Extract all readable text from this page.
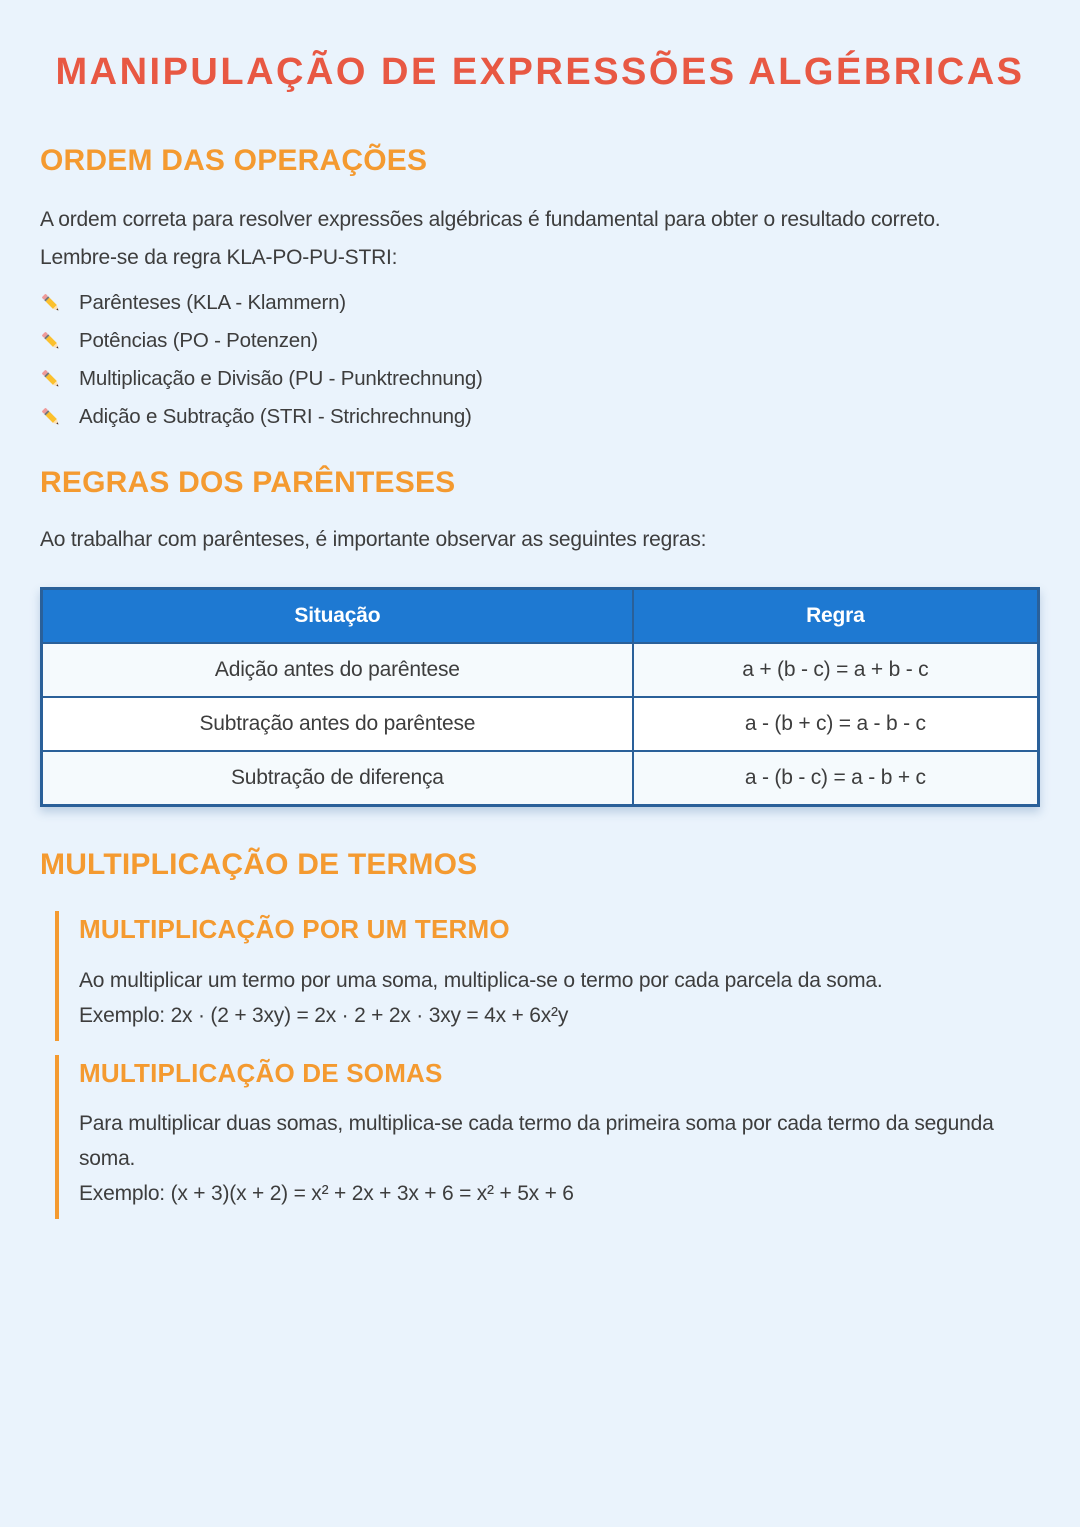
MANIPULAÇÃO DE EXPRESSÕES ALGÉBRICAS
ORDEM DAS OPERAÇÕES

A ordem correta para resolver expressões algébricas é fundamental para obter o resultado correto.
Lembre-se da regra KLA-PO-PU-STRI:

Parênteses (KLA - Klammern)
Potências (PO - Potenzen)
Multiplicação e Divisão (PU - Punktrechnung)
Adição e Subtração (STRI - Strichrechnung)
REGRAS DOS PARÊNTESES

Ao trabalhar com parênteses, é importante observar as seguintes regras:

Situação	Regra
Adição antes do parêntese	a + (b - c) = a + b - c
Subtração antes do parêntese	a - (b + c) = a - b - c
Subtração de diferença	a - (b - c) = a - b + c
MULTIPLICAÇÃO DE TERMOS
MULTIPLICAÇÃO POR UM TERMO

Ao multiplicar um termo por uma soma, multiplica-se o termo por cada parcela da soma.

Exemplo: 2x · (2 + 3xy) = 2x · 2 + 2x · 3xy = 4x + 6x²y

MULTIPLICAÇÃO DE SOMAS

Para multiplicar duas somas, multiplica-se cada termo da primeira soma por cada termo da segunda soma.

Exemplo: (x + 3)(x + 2) = x² + 2x + 3x + 6 = x² + 5x + 6
